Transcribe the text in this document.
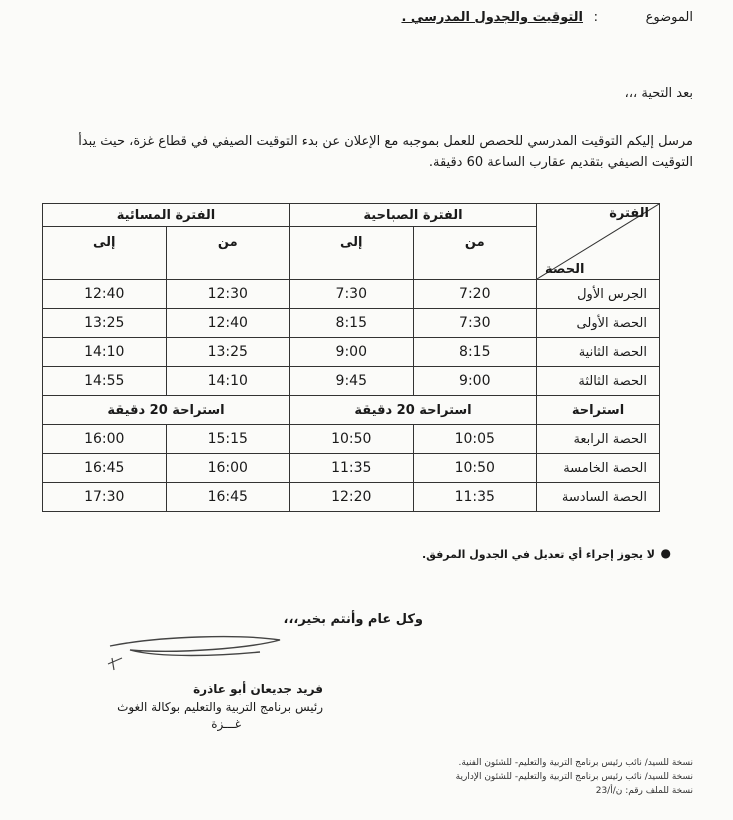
الموضوع
:
التوقيت والجدول المدرسي .
بعد التحية ،،،
مرسل إليكم التوقيت المدرسي للحصص للعمل بموجبه مع الإعلان عن بدء التوقيت الصيفي في قطاع غزة، حيث يبدأ التوقيت الصيفي بتقديم عقارب الساعة 60 دقيقة.
الفترة
الحصة	الفترة الصباحية		الفترة المسائية	
	من	إلى	من	إلى
الجرس الأول	7:20	7:30	12:30	12:40
الحصة الأولى	7:30	8:15	12:40	13:25
الحصة الثانية	8:15	9:00	13:25	14:10
الحصة الثالثة	9:00	9:45	14:10	14:55
استراحة	استراحة 20 دقيقة		استراحة 20 دقيقة	
الحصة الرابعة	10:05	10:50	15:15	16:00
الحصة الخامسة	10:50	11:35	16:00	16:45
الحصة السادسة	11:35	12:20	16:45	17:30
●
لا يجوز إجراء أي تعديل في الجدول المرفق.
وكل عام وأنتم بخير،،،
فريد جديعان أبو عاذرة
رئيس برنامج التربية والتعليم بوكالة الغوث
غـــزة
نسخة للسيد/ نائب رئيس برنامج التربية والتعليم- للشئون الفنية.
نسخة للسيد/ نائب رئيس برنامج التربية والتعليم- للشئون الإدارية
نسخة للملف رقم: ن/أ/23
